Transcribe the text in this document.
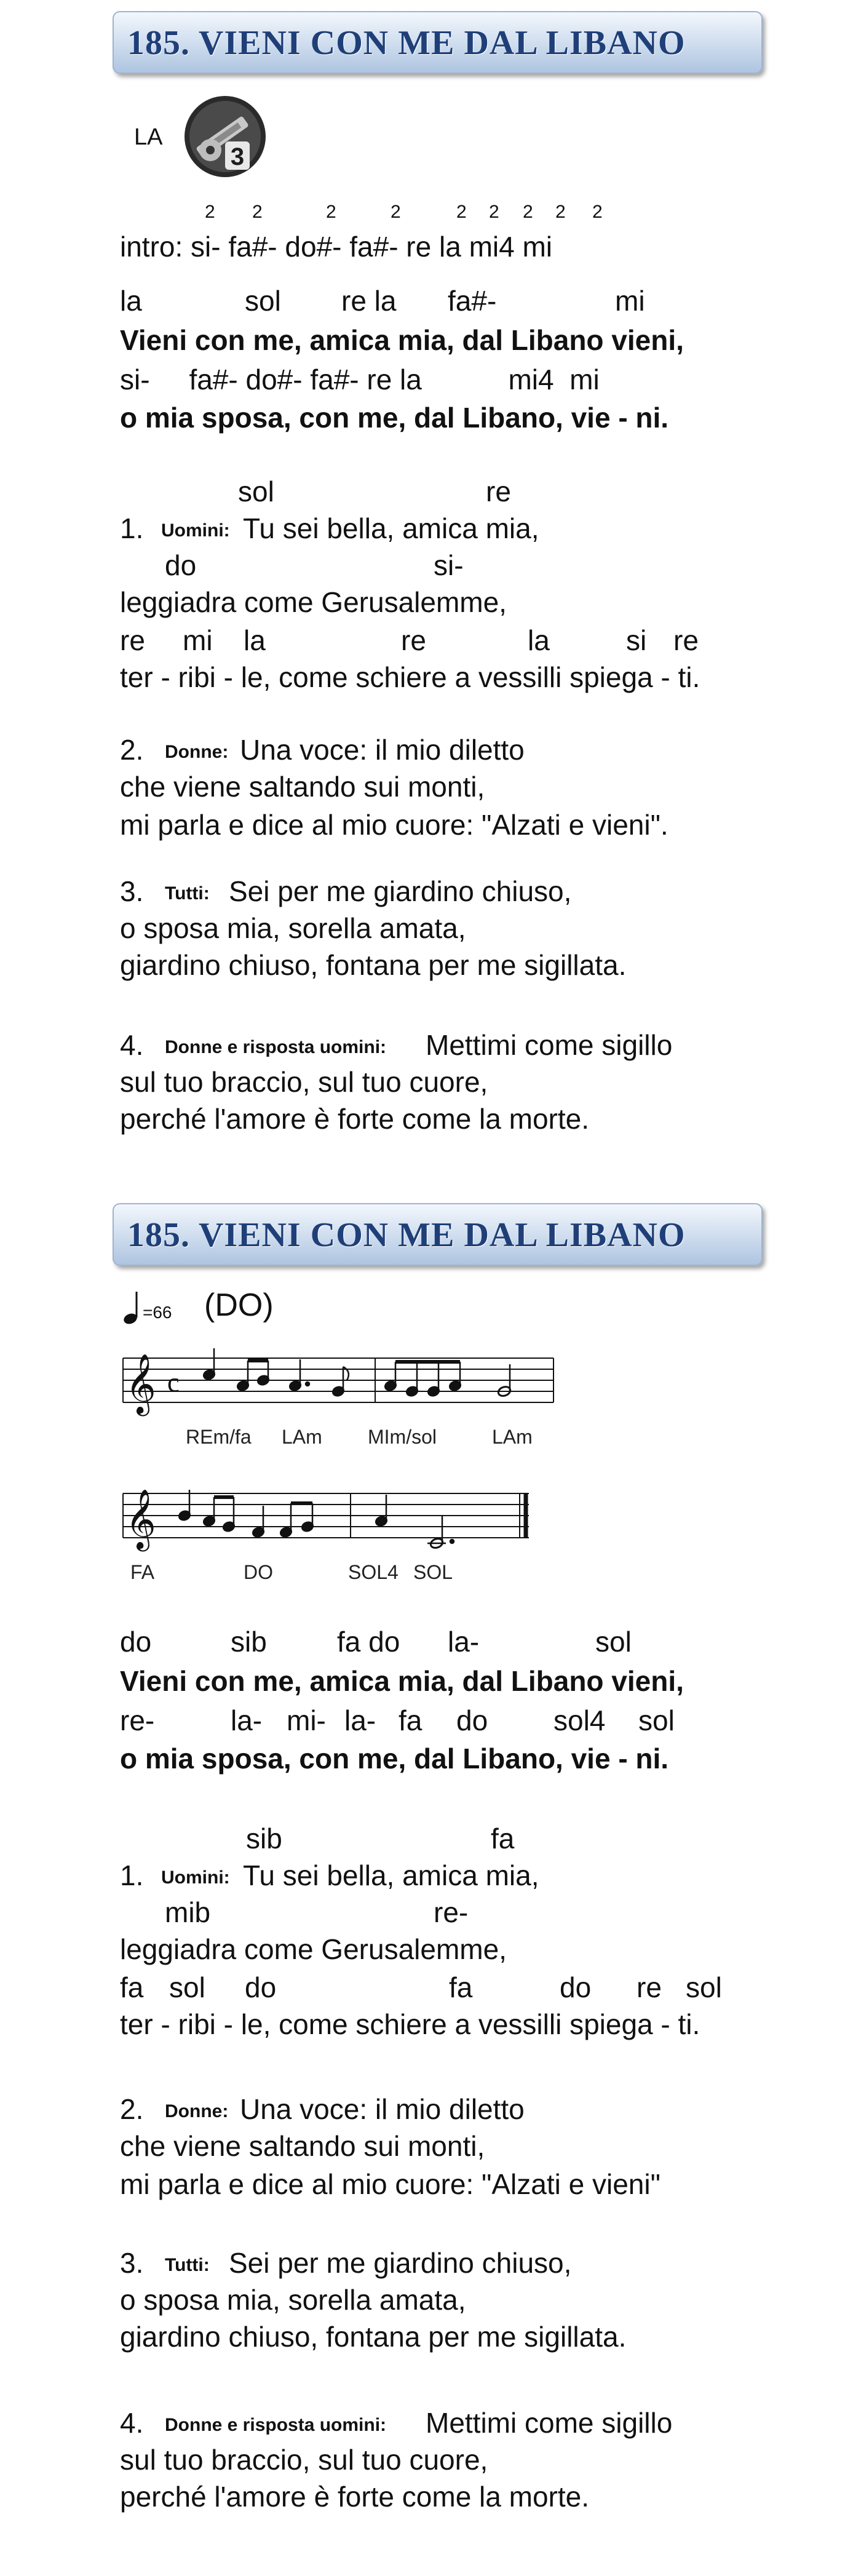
185. VIENI CON ME DAL LIBANO
LA
3
2 2	2	2	2 2 2 2 2
intro: si- fa#- do#- fa#- re la mi4 mi
la	sol re la fa#-	mi
Vieni con me, amica mia, dal Libano vieni,
si-     fa#- do#- fa#- re la           mi4  mi
o mia sposa, con me, dal Libano, vie - ni.
sol	re
1. Uomini: Tu sei bella, amica mia,
do	si-
leggiadra come Gerusalemme,
re mi la	re	la	si re
ter - ribi - le, come schiere a vessilli spiega - ti.
2. Donne: Una voce: il mio diletto
che viene saltando sui monti,
mi parla e dice al mio cuore: "Alzati e vieni".
3. Tutti: Sei per me giardino chiuso,
o sposa mia, sorella amata,
giardino chiuso, fontana per me sigillata.
4. Donne e risposta uomini: Mettimi come sigillo
sul tuo braccio, sul tuo cuore,
perché l'amore è forte come la morte.
185. VIENI CON ME DAL LIBANO
=66 (DO)
𝄞 c
REm/fa LAm MIm/sol	LAm
𝄞
FA	DO	SOL4 SOL
do	sib fa do la-	sol
Vieni con me, amica mia, dal Libano vieni,
re-	la- mi- la- fa do sol4 sol
o mia sposa, con me, dal Libano, vie - ni.
sib	fa
1. Uomini: Tu sei bella, amica mia,
mib	re-
leggiadra come Gerusalemme,
fa sol do	fa	do re sol
ter - ribi - le, come schiere a vessilli spiega - ti.
2. Donne: Una voce: il mio diletto
che viene saltando sui monti,
mi parla e dice al mio cuore: "Alzati e vieni"
3. Tutti: Sei per me giardino chiuso,
o sposa mia, sorella amata,
giardino chiuso, fontana per me sigillata.
4. Donne e risposta uomini: Mettimi come sigillo
sul tuo braccio, sul tuo cuore,
perché l'amore è forte come la morte.
